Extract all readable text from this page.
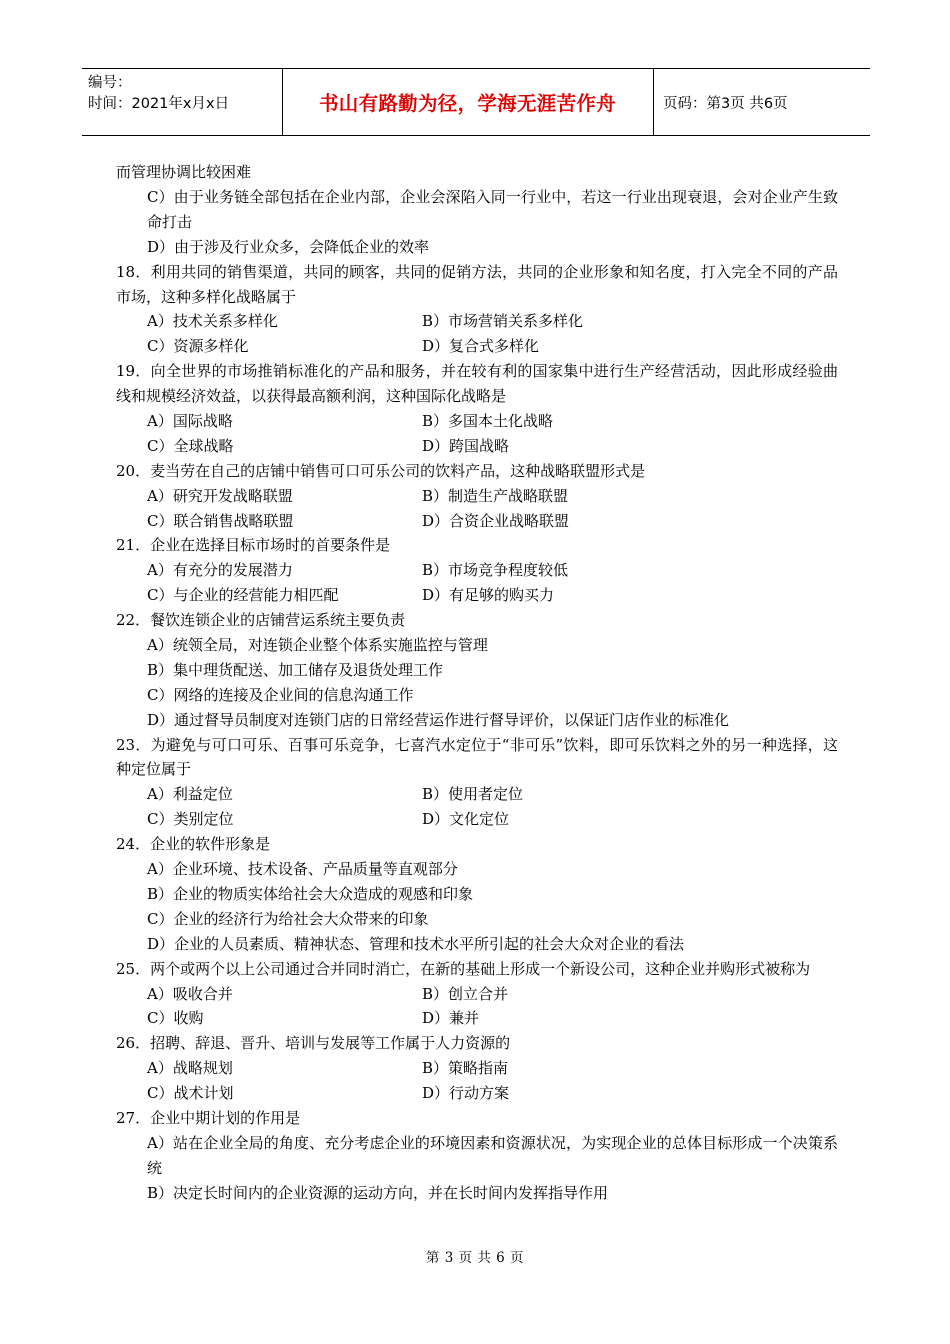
编号：
时间：2021年x月x日	书山有路勤为径，学海无涯苦作舟	页码：第3页 共6页
而管理协调比较困难
C）由于业务链全部包括在企业内部，企业会深陷入同一行业中，若这一行业出现衰退，会对企业产生致命打击
D）由于涉及行业众多，会降低企业的效率
18．利用共同的销售渠道，共同的顾客，共同的促销方法，共同的企业形象和知名度，打入完全不同的产品市场，这种多样化战略属于
A）技术关系多样化	B）市场营销关系多样化
C）资源多样化	D）复合式多样化
19．向全世界的市场推销标准化的产品和服务，并在较有利的国家集中进行生产经营活动，因此形成经验曲线和规模经济效益，以获得最高额利润，这种国际化战略是
A）国际战略	B）多国本土化战略
C）全球战略	D）跨国战略
20．麦当劳在自己的店铺中销售可口可乐公司的饮料产品，这种战略联盟形式是
A）研究开发战略联盟	B）制造生产战略联盟
C）联合销售战略联盟	D）合资企业战略联盟
21．企业在选择目标市场时的首要条件是
A）有充分的发展潜力	B）市场竞争程度较低
C）与企业的经营能力相匹配	D）有足够的购买力
22．餐饮连锁企业的店铺营运系统主要负责
A）统领全局，对连锁企业整个体系实施监控与管理
B）集中理货配送、加工储存及退货处理工作
C）网络的连接及企业间的信息沟通工作
D）通过督导员制度对连锁门店的日常经营运作进行督导评价，以保证门店作业的标准化
23．为避免与可口可乐、百事可乐竞争，七喜汽水定位于“非可乐”饮料，即可乐饮料之外的另一种选择，这种定位属于
A）利益定位	B）使用者定位
C）类别定位	D）文化定位
24．企业的软件形象是
A）企业环境、技术设备、产品质量等直观部分
B）企业的物质实体给社会大众造成的观感和印象
C）企业的经济行为给社会大众带来的印象
D）企业的人员素质、精神状态、管理和技术水平所引起的社会大众对企业的看法
25．两个或两个以上公司通过合并同时消亡，在新的基础上形成一个新设公司，这种企业并购形式被称为
A）吸收合并	B）创立合并
C）收购	D）兼并
26．招聘、辞退、晋升、培训与发展等工作属于人力资源的
A）战略规划	B）策略指南
C）战术计划	D）行动方案
27．企业中期计划的作用是
A）站在企业全局的角度、充分考虑企业的环境因素和资源状况，为实现企业的总体目标形成一个决策系统
B）决定长时间内的企业资源的运动方向，并在长时间内发挥指导作用
第 3 页 共 6 页
